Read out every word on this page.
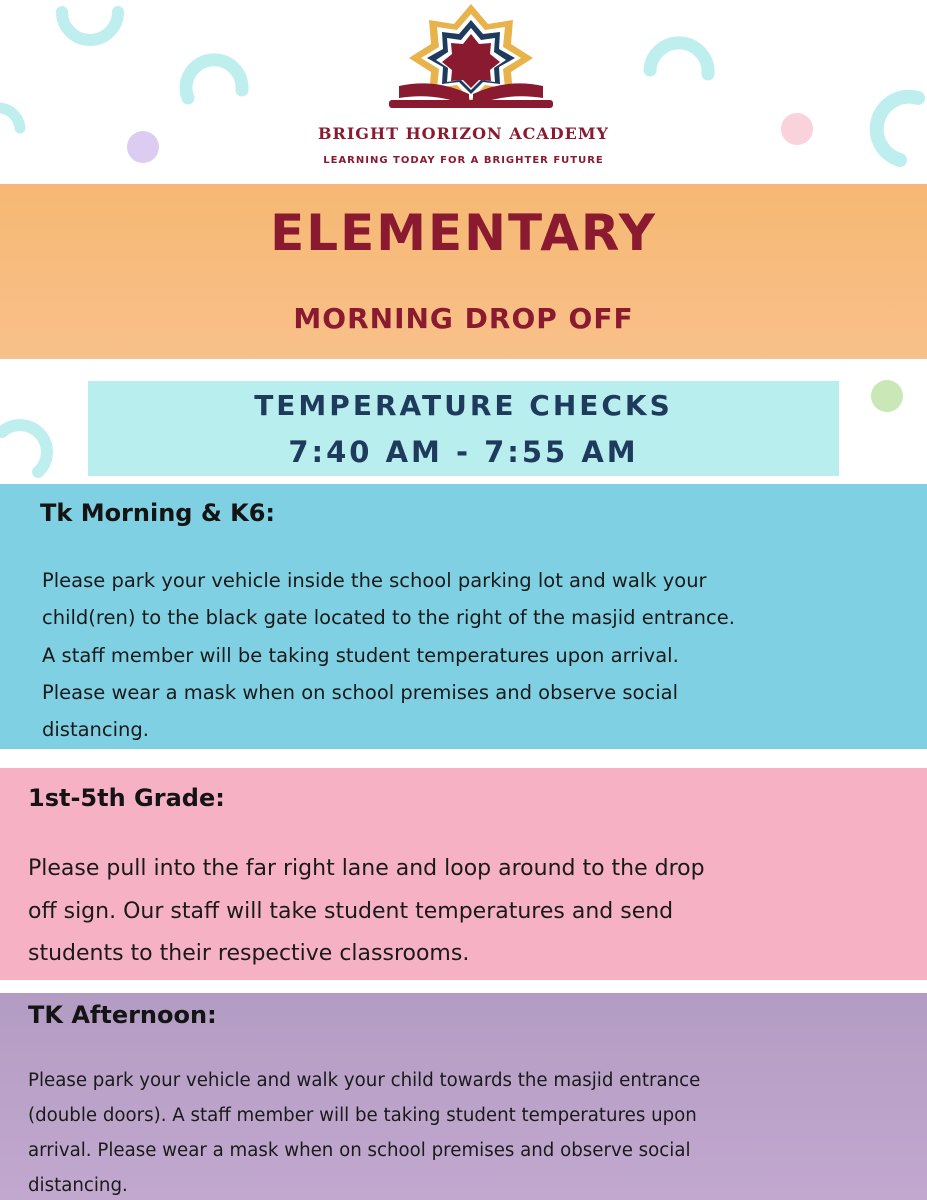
BRIGHT HORIZON ACADEMY
LEARNING TODAY FOR A BRIGHTER FUTURE
ELEMENTARY
MORNING DROP OFF
TEMPERATURE CHECKS
7:40 AM - 7:55 AM
Tk Morning & K6:
Please park your vehicle inside the school parking lot and walk your
child(ren) to the black gate located to the right of the masjid entrance.
A staff member will be taking student temperatures upon arrival.
Please wear a mask when on school premises and observe social
distancing.
1st-5th Grade:
Please pull into the far right lane and loop around to the drop
off sign. Our staff will take student temperatures and send
students to their respective classrooms.
TK Afternoon:
Please park your vehicle and walk your child towards the masjid entrance
(double doors). A staff member will be taking student temperatures upon
arrival. Please wear a mask when on school premises and observe social
distancing.
